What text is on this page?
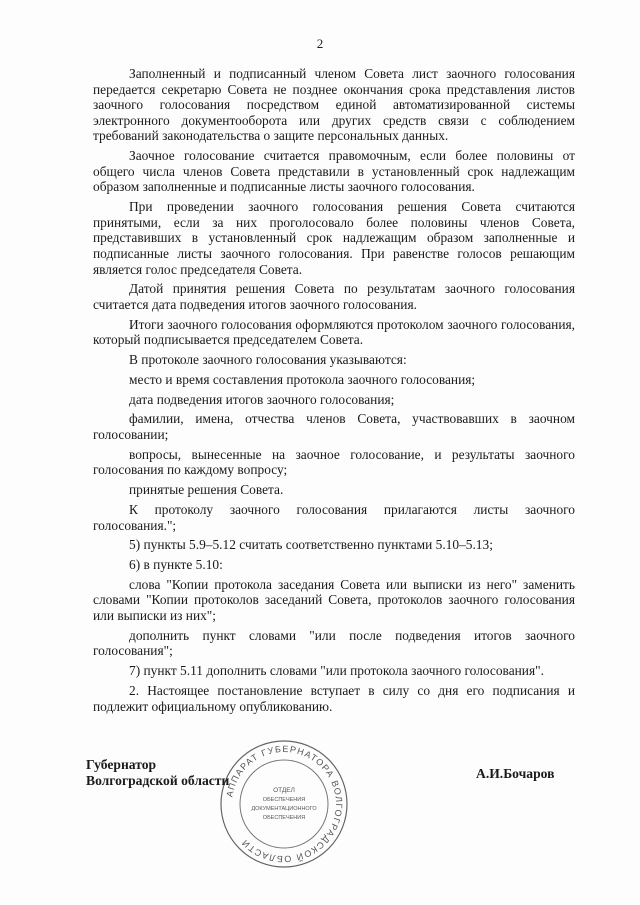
2

Заполненный и подписанный членом Совета лист заочного голосования передается секретарю Совета не позднее окончания срока представления листов заочного голосования посредством единой автоматизированной системы электронного документооборота или других средств связи с соблюдением требований законодательства о защите персональных данных.

Заочное голосование считается правомочным, если более половины от общего числа членов Совета представили в установленный срок надлежащим образом заполненные и подписанные листы заочного голосования.

При проведении заочного голосования решения Совета считаются принятыми, если за них проголосовало более половины членов Совета, представивших в установленный срок надлежащим образом заполненные и подписанные листы заочного голосования. При равенстве голосов решающим является голос председателя Совета.

Датой принятия решения Совета по результатам заочного голосования считается дата подведения итогов заочного голосования.

Итоги заочного голосования оформляются протоколом заочного голосования, который подписывается председателем Совета.

В протоколе заочного голосования указываются:

место и время составления протокола заочного голосования;

дата подведения итогов заочного голосования;

фамилии, имена, отчества членов Совета, участвовавших в заочном голосовании;

вопросы, вынесенные на заочное голосование, и результаты заочного голосования по каждому вопросу;

принятые решения Совета.

К протоколу заочного голосования прилагаются листы заочного голосования.";

5) пункты 5.9–5.12 считать соответственно пунктами 5.10–5.13;

6) в пункте 5.10:

слова "Копии протокола заседания Совета или выписки из него" заменить словами "Копии протоколов заседаний Совета, протоколов заочного голосования или выписки из них";

дополнить пункт словами "или после подведения итогов заочного голосования";

7) пункт 5.11 дополнить словами "или протокола заочного голосования".

2. Настоящее постановление вступает в силу со дня его подписания и подлежит официальному опубликованию.

АППАРАТ ГУБЕРНАТОРА ВОЛГОГРАДСКОЙ ОБЛАСТИ
ОТДЕЛ
ОБЕСПЕЧЕНИЯ
ДОКУМЕНТАЦИОННОГО
ОБЕСПЕЧЕНИЯ
Губернатор
Волгоградской области	А.И.Бочаров
